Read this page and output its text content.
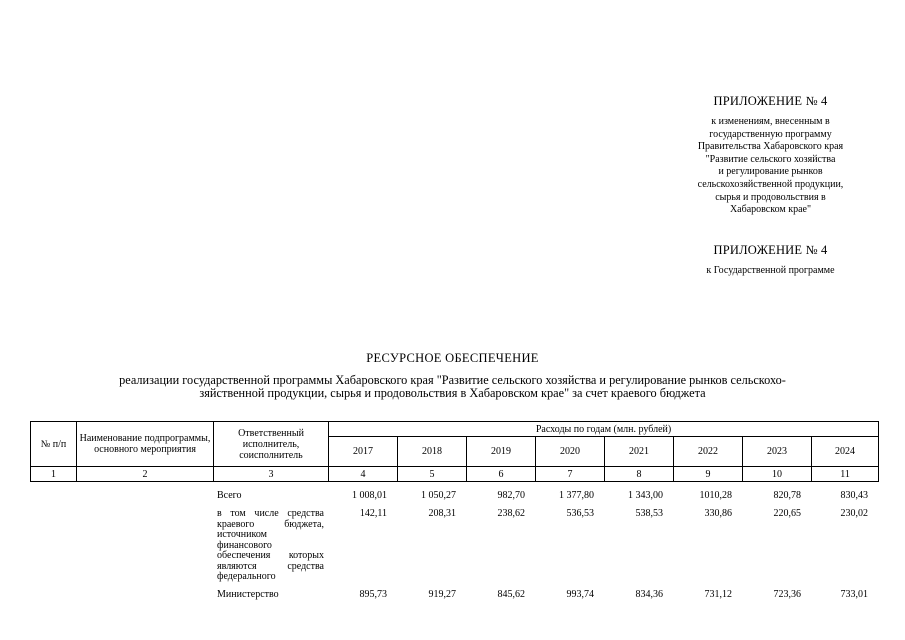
ПРИЛОЖЕНИЕ № 4
к изменениям, внесенным в
государственную программу
Правительства Хабаровского края
"Развитие сельского хозяйства
и регулирование рынков
сельскохозяйственной продукции,
сырья и продовольствия в
Хабаровском крае"
ПРИЛОЖЕНИЕ № 4
к Государственной программе
РЕСУРСНОЕ ОБЕСПЕЧЕНИЕ
реализации государственной программы Хабаровского края "Развитие сельского хозяйства и регулирование рынков сельскохо-
зяйственной продукции, сырья и продовольствия в Хабаровском крае" за счет краевого бюджета
№ п/п	Наименование подпрограммы, основного мероприятия	Ответственный исполнитель, соисполнитель	Расходы по годам (млн. рублей)							
			2017	2018	2019	2020	2021	2022	2023	2024
1	2	3	4	5	6	7	8	9	10	11
		Всего	1 008,01	1 050,27	982,70	1 377,80	1 343,00	1010,28	820,78	830,43
		в том числе средства краевого бюджета, источником финансового обеспечения которых являются средства федерального	142,11	208,31	238,62	536,53	538,53	330,86	220,65	230,02
		Министерство	895,73	919,27	845,62	993,74	834,36	731,12	723,36	733,01
